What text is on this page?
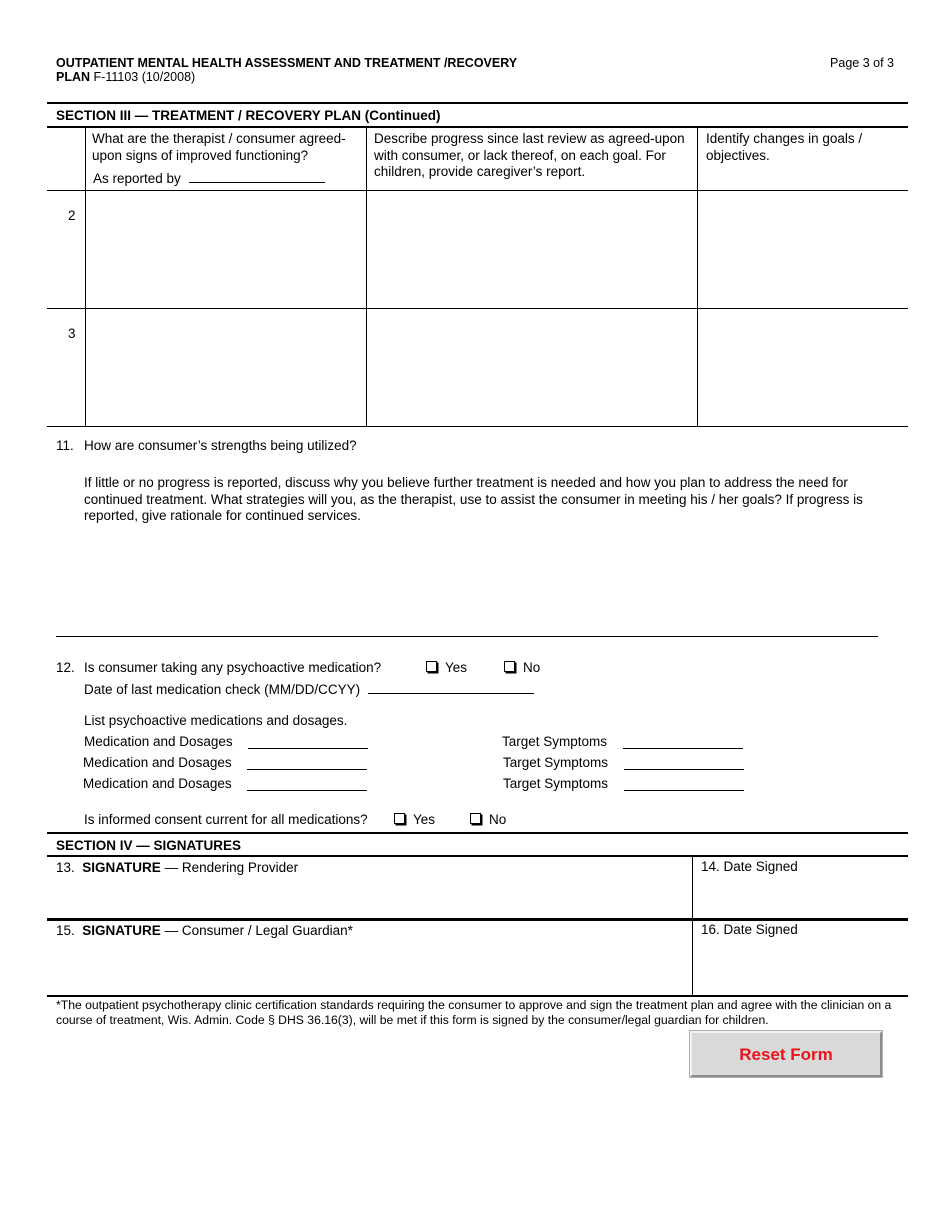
OUTPATIENT MENTAL HEALTH ASSESSMENT AND TREATMENT /RECOVERY
PLAN F-11103 (10/2008)
Page 3 of 3
SECTION III — TREATMENT / RECOVERY PLAN (Continued)
What are the therapist / consumer agreed-upon signs of improved functioning?
As reported by
Describe progress since last review as agreed-upon with consumer, or lack thereof, on each goal. For children, provide caregiver’s report.
Identify changes in goals / objectives.
2
3
11. How are consumer’s strengths being utilized?
If little or no progress is reported, discuss why you believe further treatment is needed and how you plan to address the need for continued treatment. What strategies will you, as the therapist, use to assist the consumer in meeting his / her goals? If progress is reported, give rationale for continued services.
12. Is consumer taking any psychoactive medication?	Yes	No
Date of last medication check (MM/DD/CCYY)
List psychoactive medications and dosages.
Medication and Dosages	Target Symptoms
Medication and Dosages	Target Symptoms
Medication and Dosages	Target Symptoms
Is informed consent current for all medications?	Yes	No
SECTION IV — SIGNATURES
13. SIGNATURE — Rendering Provider	14. Date Signed
15. SIGNATURE — Consumer / Legal Guardian*	16. Date Signed
*The outpatient psychotherapy clinic certification standards requiring the consumer to approve and sign the treatment plan and agree with the clinician on a course of treatment, Wis. Admin. Code § DHS 36.16(3), will be met if this form is signed by the consumer/legal guardian for children.
Reset Form
